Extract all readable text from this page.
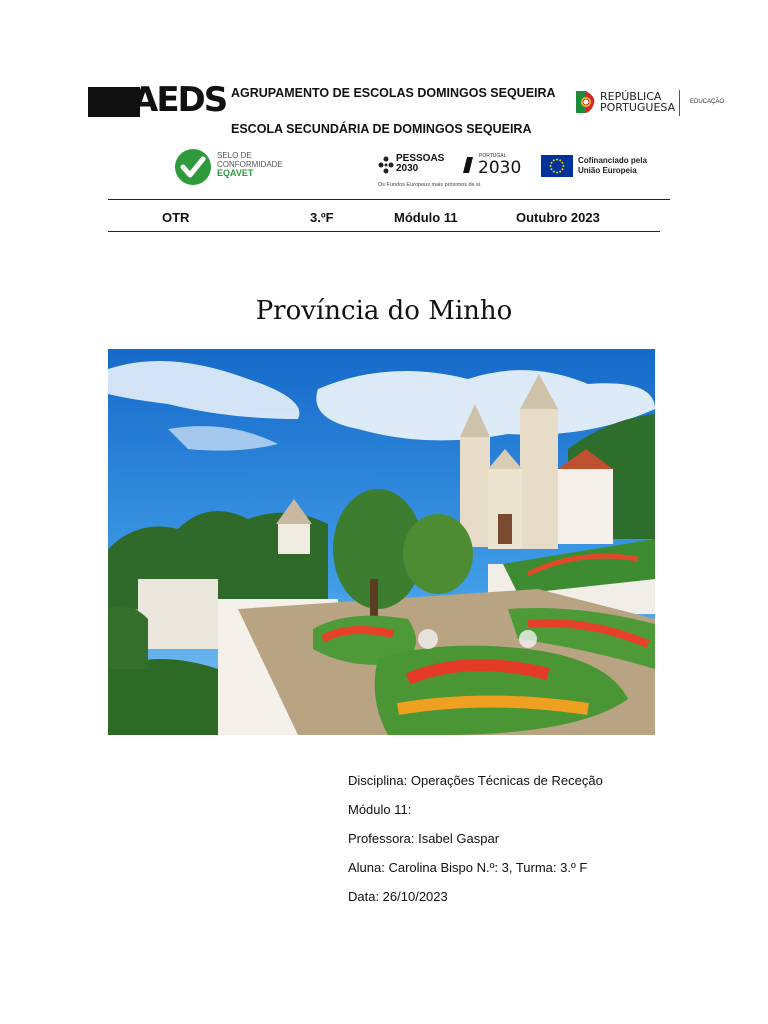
AEDS AGRUPAMENTO DE ESCOLAS DOMINGOS SEQUEIRA
ESCOLA SECUNDÁRIA DE DOMINGOS SEQUEIRA
REPÚBLICA
PORTUGUESA EDUCAÇÃO
SELO DE
CONFORMIDADE
EQAVET
PESSOAS
2030
Os Fundos Europeus mais próximos de si.
PORTUGAL
2030	Cofinanciado pela
União Europeia
OTR	3.ºF	Módulo 11	Outubro 2023
Província do Minho
Disciplina: Operações Técnicas de Receção
Módulo 11:
Professora: Isabel Gaspar
Aluna: Carolina Bispo N.º: 3, Turma: 3.º F
Data: 26/10/2023
